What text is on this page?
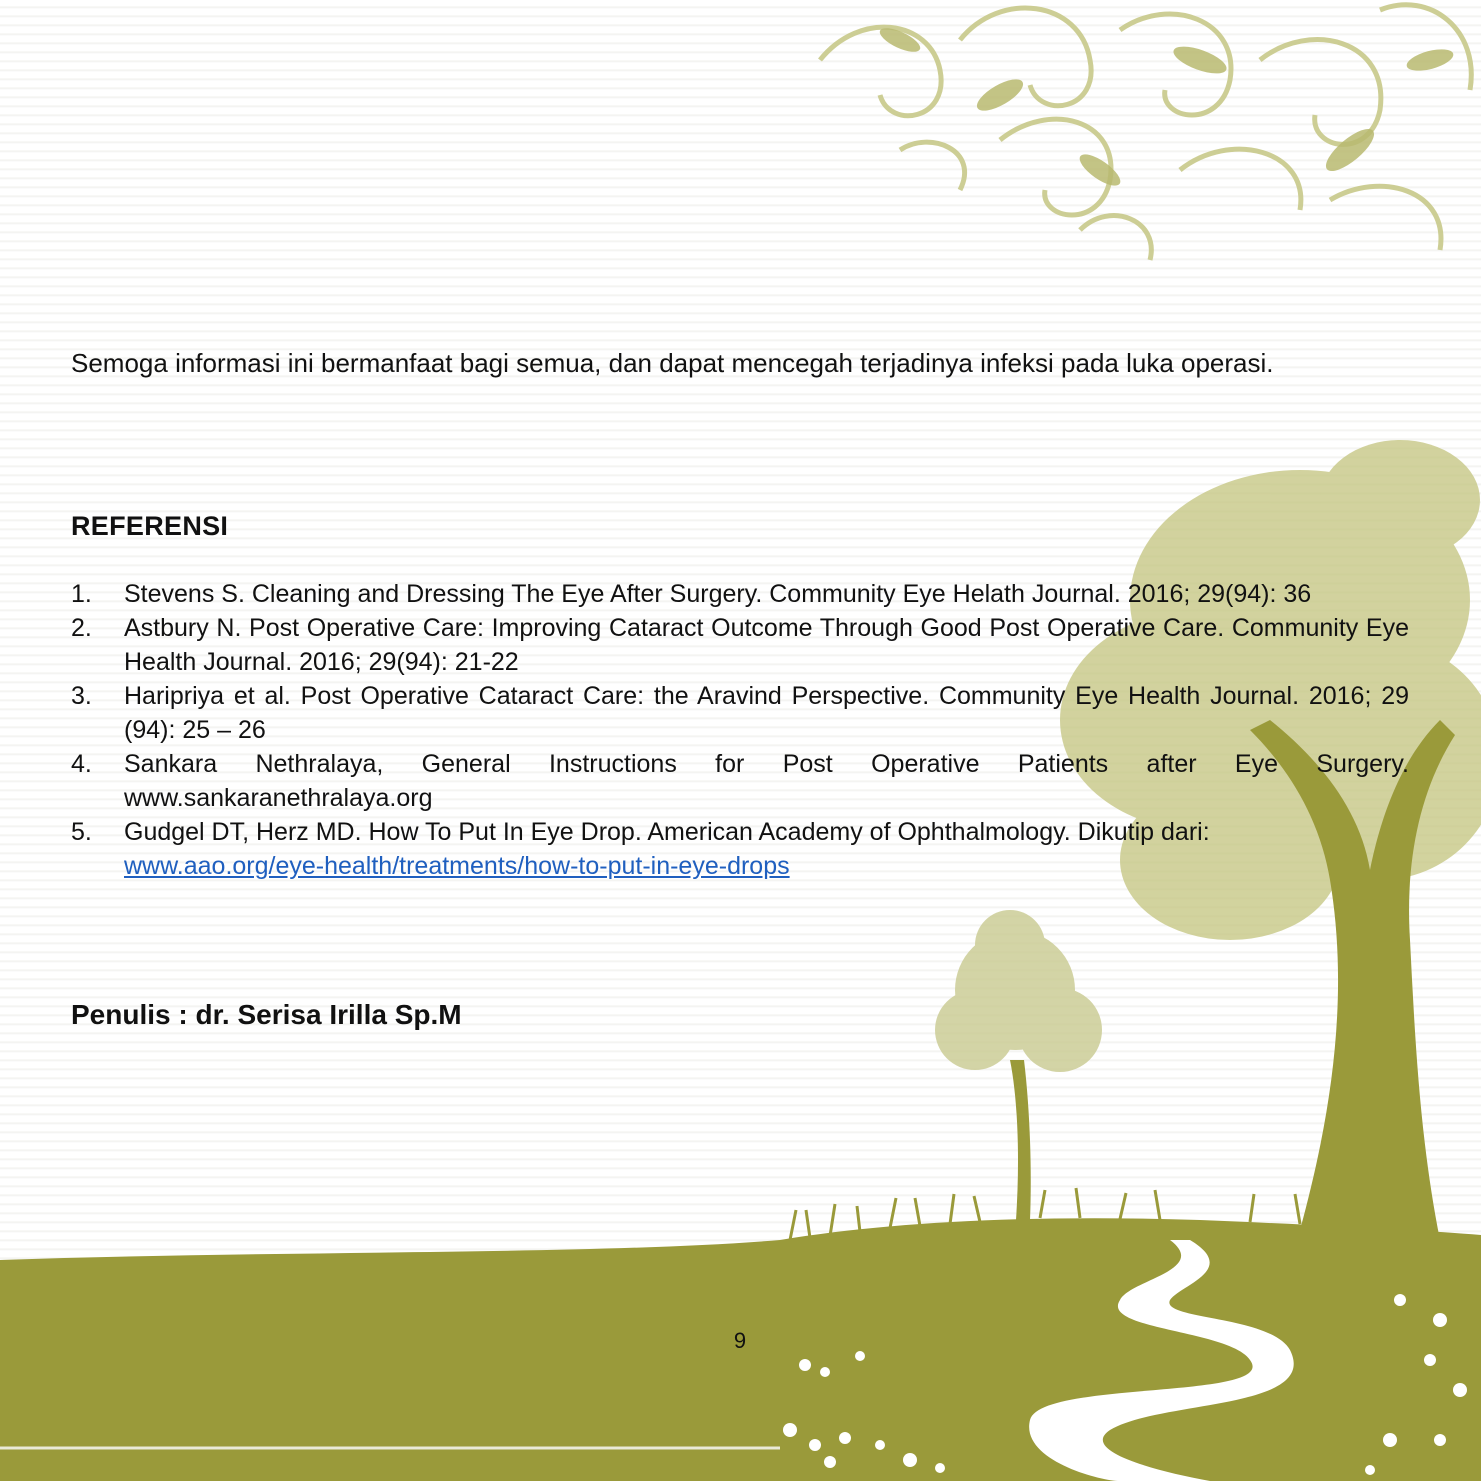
Semoga informasi ini bermanfaat bagi semua, dan dapat mencegah terjadinya infeksi pada luka operasi.

REFERENSI
1. Stevens S. Cleaning and Dressing The Eye After Surgery. Community Eye Helath Journal. 2016; 29(94): 36
2. Astbury N. Post Operative Care: Improving Cataract Outcome Through Good Post Operative Care. Community Eye Health Journal. 2016; 29(94): 21-22
3. Haripriya et al. Post Operative Cataract Care: the Aravind Perspective. Community Eye Health Journal. 2016; 29 (94): 25 – 26
4. Sankara Nethralaya, General Instructions for Post Operative Patients after Eye Surgery. www.sankaranethralaya.org
5. Gudgel DT, Herz MD. How To Put In Eye Drop. American Academy of Ophthalmology. Dikutip dari:
www.aao.org/eye-health/treatments/how-to-put-in-eye-drops

Penulis : dr. Serisa Irilla Sp.M

9
